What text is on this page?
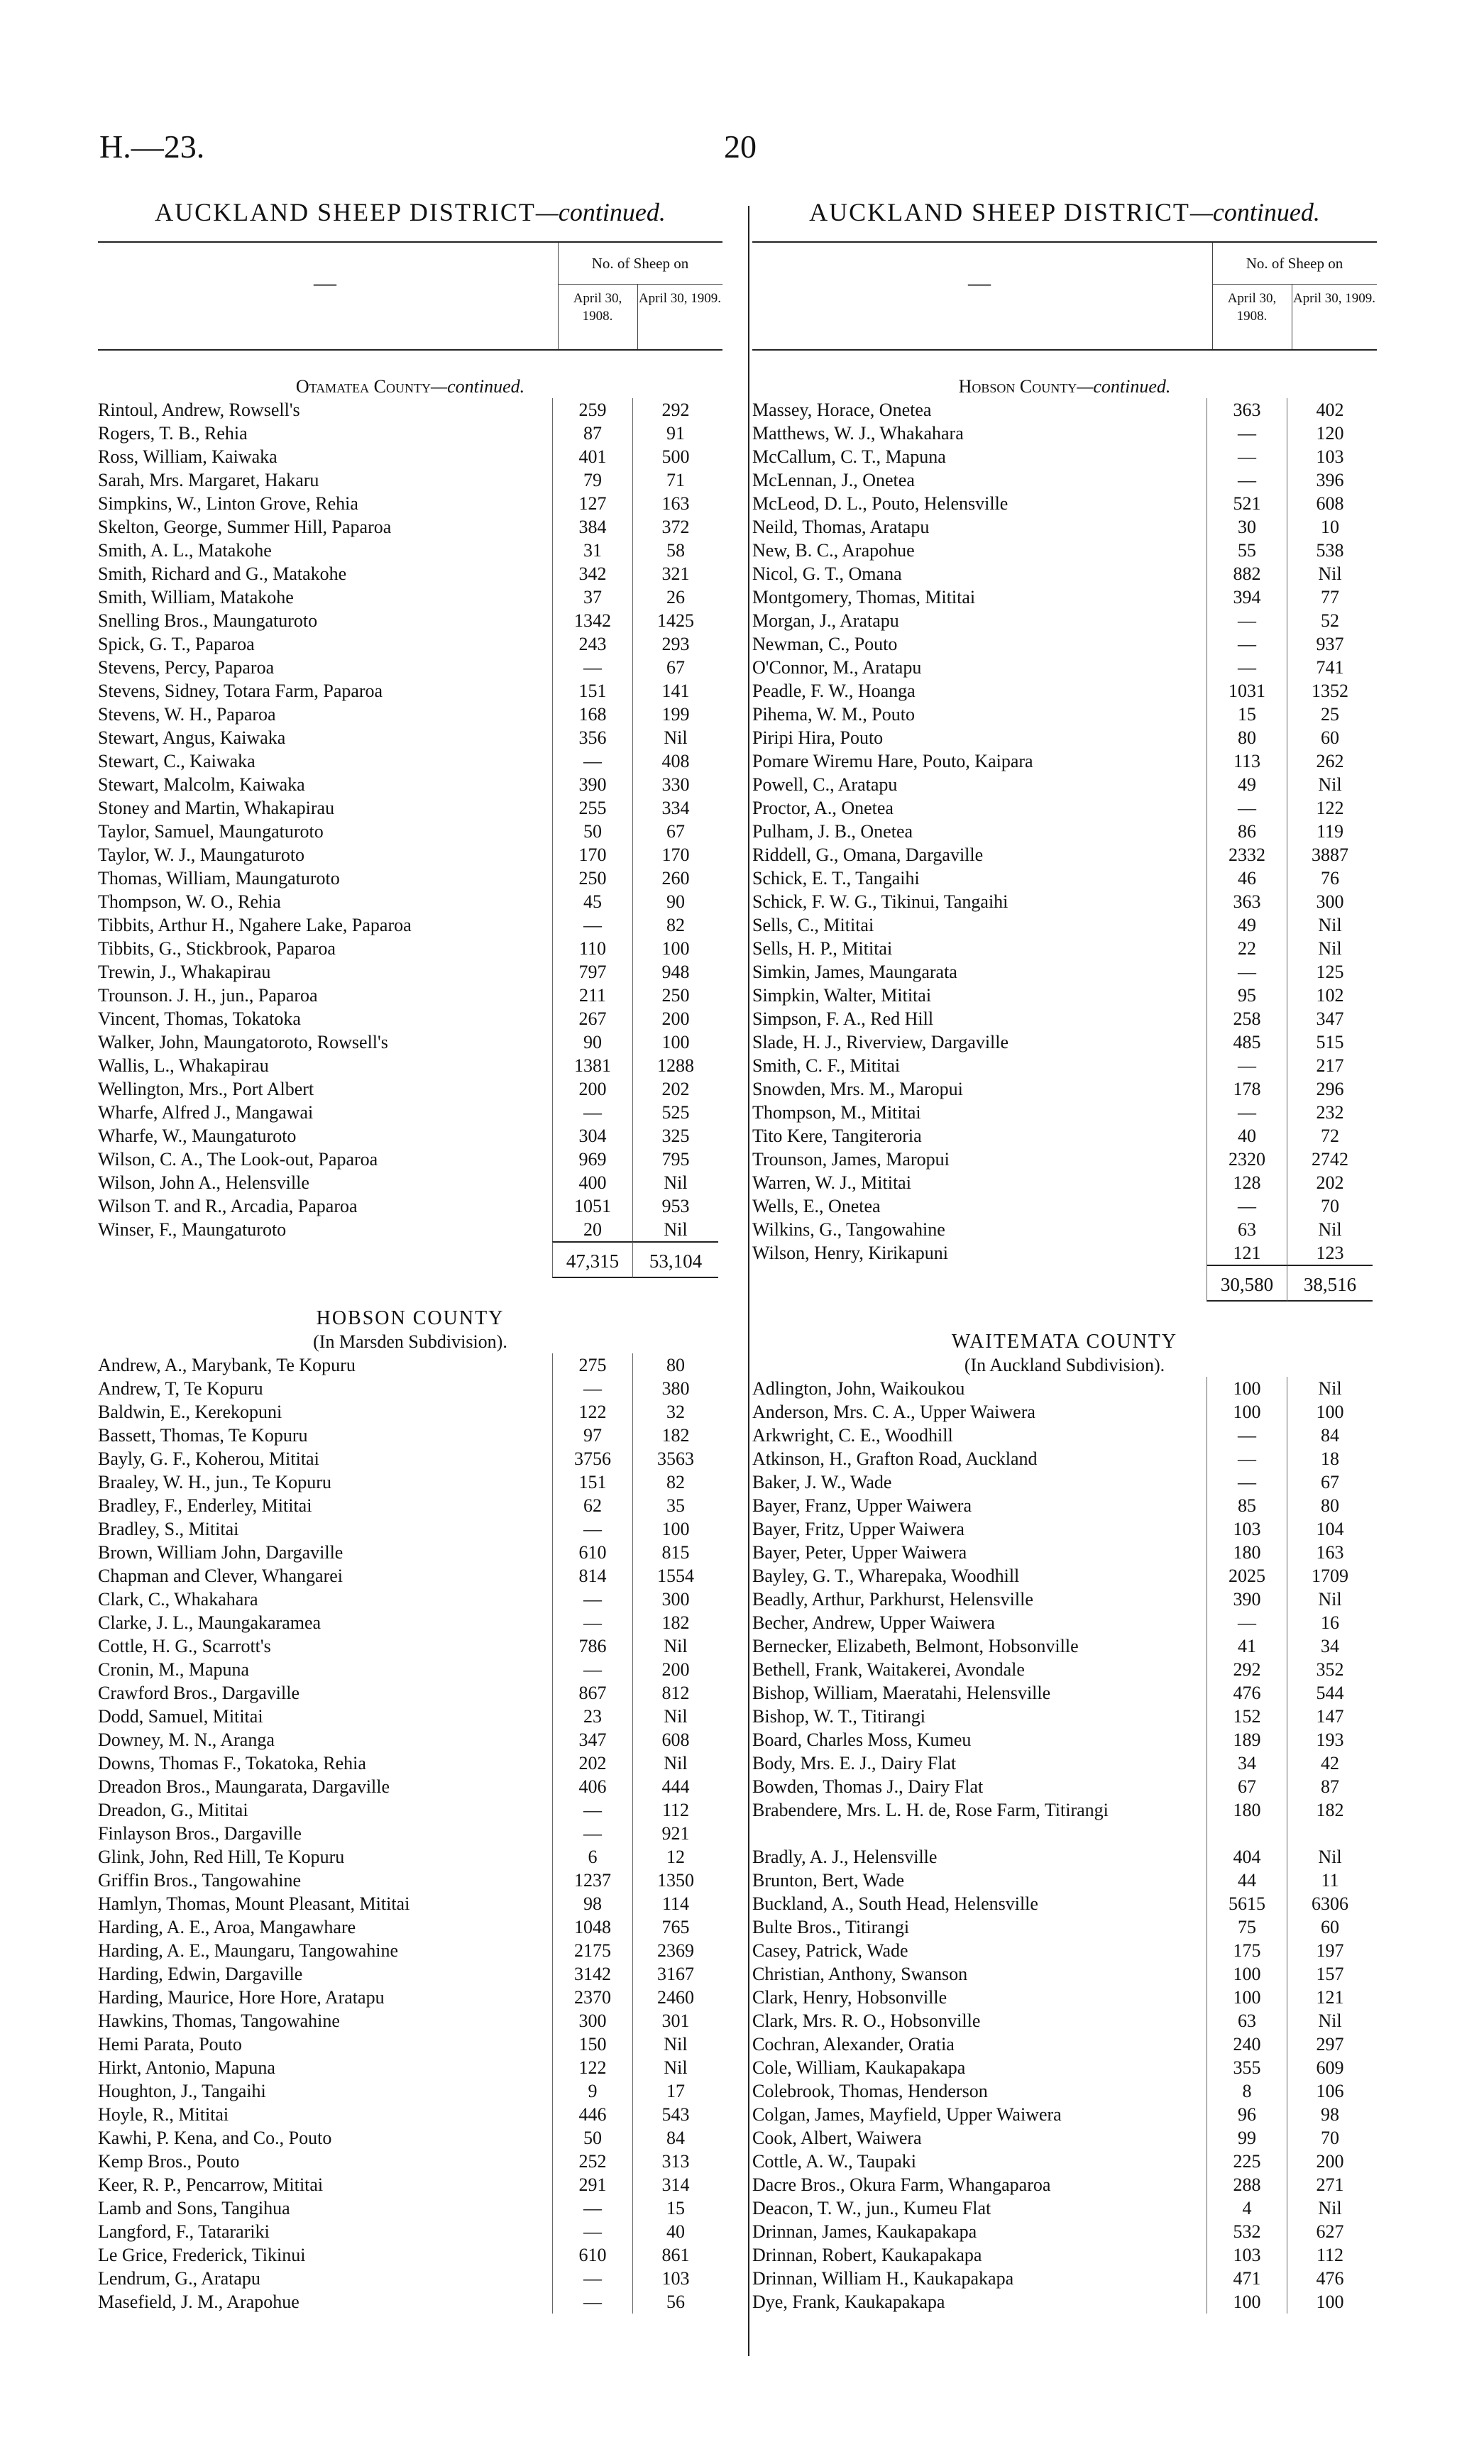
H.—23.	20
AUCKLAND SHEEP DISTRICT—continued.
—
No. of Sheep on
April 30, 1908.
April 30, 1909.
Otamatea County—continued.
Rintoul, Andrew, Rowsell's	259	292
Rogers, T. B., Rehia	87	91
Ross, William, Kaiwaka	401	500
Sarah, Mrs. Margaret, Hakaru	79	71
Simpkins, W., Linton Grove, Rehia	127	163
Skelton, George, Summer Hill, Paparoa	384	372
Smith, A. L., Matakohe	31	58
Smith, Richard and G., Matakohe	342	321
Smith, William, Matakohe	37	26
Snelling Bros., Maungaturoto	1342	1425
Spick, G. T., Paparoa	243	293
Stevens, Percy, Paparoa	—	67
Stevens, Sidney, Totara Farm, Paparoa	151	141
Stevens, W. H., Paparoa	168	199
Stewart, Angus, Kaiwaka	356	Nil
Stewart, C., Kaiwaka	—	408
Stewart, Malcolm, Kaiwaka	390	330
Stoney and Martin, Whakapirau	255	334
Taylor, Samuel, Maungaturoto	50	67
Taylor, W. J., Maungaturoto	170	170
Thomas, William, Maungaturoto	250	260
Thompson, W. O., Rehia	45	90
Tibbits, Arthur H., Ngahere Lake, Paparoa	—	82
Tibbits, G., Stickbrook, Paparoa	110	100
Trewin, J., Whakapirau	797	948
Trounson. J. H., jun., Paparoa	211	250
Vincent, Thomas, Tokatoka	267	200
Walker, John, Maungatoroto, Rowsell's	90	100
Wallis, L., Whakapirau	1381	1288
Wellington, Mrs., Port Albert	200	202
Wharfe, Alfred J., Mangawai	—	525
Wharfe, W., Maungaturoto	304	325
Wilson, C. A., The Look-out, Paparoa	969	795
Wilson, John A., Helensville	400	Nil
Wilson T. and R., Arcadia, Paparoa	1051	953
Winser, F., Maungaturoto	20	Nil
47,315	53,104
HOBSON COUNTY
(In Marsden Subdivision).
Andrew, A., Marybank, Te Kopuru	275	80
Andrew, T, Te Kopuru	—	380
Baldwin, E., Kerekopuni	122	32
Bassett, Thomas, Te Kopuru	97	182
Bayly, G. F., Koherou, Mititai	3756	3563
Braaley, W. H., jun., Te Kopuru	151	82
Bradley, F., Enderley, Mititai	62	35
Bradley, S., Mititai	—	100
Brown, William John, Dargaville	610	815
Chapman and Clever, Whangarei	814	1554
Clark, C., Whakahara	—	300
Clarke, J. L., Maungakaramea	—	182
Cottle, H. G., Scarrott's	786	Nil
Cronin, M., Mapuna	—	200
Crawford Bros., Dargaville	867	812
Dodd, Samuel, Mititai	23	Nil
Downey, M. N., Aranga	347	608
Downs, Thomas F., Tokatoka, Rehia	202	Nil
Dreadon Bros., Maungarata, Dargaville	406	444
Dreadon, G., Mititai	—	112
Finlayson Bros., Dargaville	—	921
Glink, John, Red Hill, Te Kopuru	6	12
Griffin Bros., Tangowahine	1237	1350
Hamlyn, Thomas, Mount Pleasant, Mititai	98	114
Harding, A. E., Aroa, Mangawhare	1048	765
Harding, A. E., Maungaru, Tangowahine	2175	2369
Harding, Edwin, Dargaville	3142	3167
Harding, Maurice, Hore Hore, Aratapu	2370	2460
Hawkins, Thomas, Tangowahine	300	301
Hemi Parata, Pouto	150	Nil
Hirkt, Antonio, Mapuna	122	Nil
Houghton, J., Tangaihi	9	17
Hoyle, R., Mititai	446	543
Kawhi, P. Kena, and Co., Pouto	50	84
Kemp Bros., Pouto	252	313
Keer, R. P., Pencarrow, Mititai	291	314
Lamb and Sons, Tangihua	—	15
Langford, F., Tatarariki	—	40
Le Grice, Frederick, Tikinui	610	861
Lendrum, G., Aratapu	—	103
Masefield, J. M., Arapohue	—	56
AUCKLAND SHEEP DISTRICT—continued.
—
No. of Sheep on
April 30, 1908.
April 30, 1909.
Hobson County—continued.
Massey, Horace, Onetea	363	402
Matthews, W. J., Whakahara	—	120
McCallum, C. T., Mapuna	—	103
McLennan, J., Onetea	—	396
McLeod, D. L., Pouto, Helensville	521	608
Neild, Thomas, Aratapu	30	10
New, B. C., Arapohue	55	538
Nicol, G. T., Omana	882	Nil
Montgomery, Thomas, Mititai	394	77
Morgan, J., Aratapu	—	52
Newman, C., Pouto	—	937
O'Connor, M., Aratapu	—	741
Peadle, F. W., Hoanga	1031	1352
Pihema, W. M., Pouto	15	25
Piripi Hira, Pouto	80	60
Pomare Wiremu Hare, Pouto, Kaipara	113	262
Powell, C., Aratapu	49	Nil
Proctor, A., Onetea	—	122
Pulham, J. B., Onetea	86	119
Riddell, G., Omana, Dargaville	2332	3887
Schick, E. T., Tangaihi	46	76
Schick, F. W. G., Tikinui, Tangaihi	363	300
Sells, C., Mititai	49	Nil
Sells, H. P., Mititai	22	Nil
Simkin, James, Maungarata	—	125
Simpkin, Walter, Mititai	95	102
Simpson, F. A., Red Hill	258	347
Slade, H. J., Riverview, Dargaville	485	515
Smith, C. F., Mititai	—	217
Snowden, Mrs. M., Maropui	178	296
Thompson, M., Mititai	—	232
Tito Kere, Tangiteroria	40	72
Trounson, James, Maropui	2320	2742
Warren, W. J., Mititai	128	202
Wells, E., Onetea	—	70
Wilkins, G., Tangowahine	63	Nil
Wilson, Henry, Kirikapuni	121	123
30,580	38,516
WAITEMATA COUNTY
(In Auckland Subdivision).
Adlington, John, Waikoukou	100	Nil
Anderson, Mrs. C. A., Upper Waiwera	100	100
Arkwright, C. E., Woodhill	—	84
Atkinson, H., Grafton Road, Auckland	—	18
Baker, J. W., Wade	—	67
Bayer, Franz, Upper Waiwera	85	80
Bayer, Fritz, Upper Waiwera	103	104
Bayer, Peter, Upper Waiwera	180	163
Bayley, G. T., Wharepaka, Woodhill	2025	1709
Beadly, Arthur, Parkhurst, Helensville	390	Nil
Becher, Andrew, Upper Waiwera	—	16
Bernecker, Elizabeth, Belmont, Hobsonville	41	34
Bethell, Frank, Waitakerei, Avondale	292	352
Bishop, William, Maeratahi, Helensville	476	544
Bishop, W. T., Titirangi	152	147
Board, Charles Moss, Kumeu	189	193
Body, Mrs. E. J., Dairy Flat	34	42
Bowden, Thomas J., Dairy Flat	67	87
Brabendere, Mrs. L. H. de, Rose Farm, Titirangi	180	182
Bradly, A. J., Helensville	404	Nil
Brunton, Bert, Wade	44	11
Buckland, A., South Head, Helensville	5615	6306
Bulte Bros., Titirangi	75	60
Casey, Patrick, Wade	175	197
Christian, Anthony, Swanson	100	157
Clark, Henry, Hobsonville	100	121
Clark, Mrs. R. O., Hobsonville	63	Nil
Cochran, Alexander, Oratia	240	297
Cole, William, Kaukapakapa	355	609
Colebrook, Thomas, Henderson	8	106
Colgan, James, Mayfield, Upper Waiwera	96	98
Cook, Albert, Waiwera	99	70
Cottle, A. W., Taupaki	225	200
Dacre Bros., Okura Farm, Whangaparoa	288	271
Deacon, T. W., jun., Kumeu Flat	4	Nil
Drinnan, James, Kaukapakapa	532	627
Drinnan, Robert, Kaukapakapa	103	112
Drinnan, William H., Kaukapakapa	471	476
Dye, Frank, Kaukapakapa	100	100
